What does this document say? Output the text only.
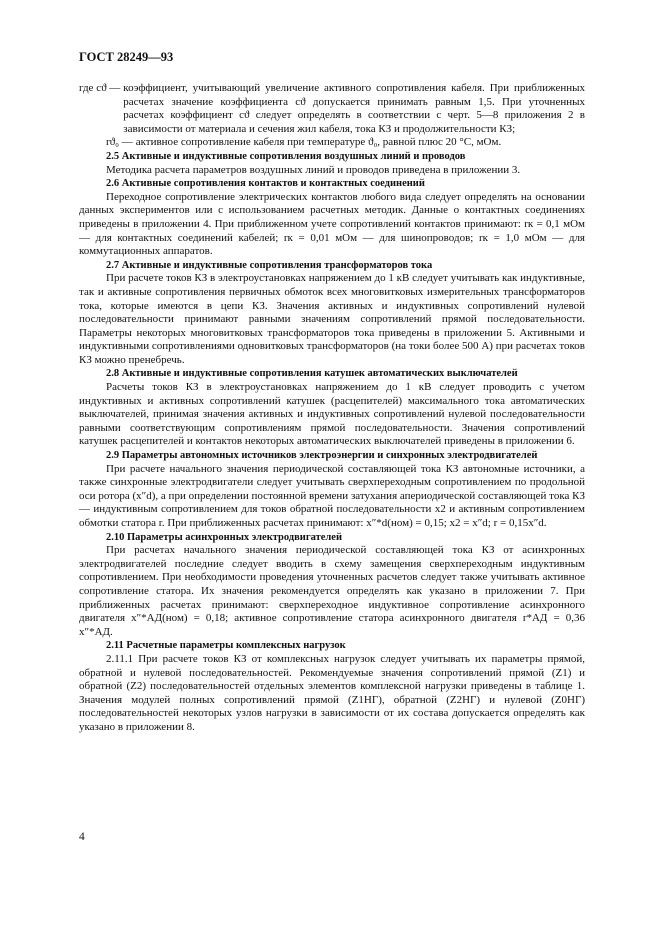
ГОСТ 28249—93
где cϑ — коэффициент, учитывающий увеличение активного сопротивления кабеля. При приближенных расчетах значение коэффициента cϑ допускается принимать равным 1,5. При уточненных расчетах коэффициент cϑ следует определять в соответствии с черт. 5—8 приложения 2 в зависимости от материала и сечения жил кабеля, тока КЗ и продолжительности КЗ;
rϑ₀ — активное сопротивление кабеля при температуре ϑ₀, равной плюс 20 °С, мОм.

2.5 Активные и индуктивные сопротивления воздушных линий и проводов

Методика расчета параметров воздушных линий и проводов приведена в приложении 3.

2.6 Активные сопротивления контактов и контактных соединений

Переходное сопротивление электрических контактов любого вида следует определять на основании данных экспериментов или с использованием расчетных методик. Данные о контактных соединениях приведены в приложении 4. При приближенном учете сопротивлений контактов принимают: rк = 0,1 мОм — для контактных соединений кабелей; rк = 0,01 мОм — для шинопроводов; rк = 1,0 мОм — для коммутационных аппаратов.

2.7 Активные и индуктивные сопротивления трансформаторов тока

При расчете токов КЗ в электроустановках напряжением до 1 кВ следует учитывать как индуктивные, так и активные сопротивления первичных обмоток всех многовитковых измерительных трансформаторов тока, которые имеются в цепи КЗ. Значения активных и индуктивных сопротивлений нулевой последовательности принимают равными значениям сопротивлений прямой последовательности. Параметры некоторых многовитковых трансформаторов тока приведены в приложении 5. Активными и индуктивными сопротивлениями одновитковых трансформаторов (на токи более 500 А) при расчетах токов КЗ можно пренебречь.

2.8 Активные и индуктивные сопротивления катушек автоматических выключателей

Расчеты токов КЗ в электроустановках напряжением до 1 кВ следует проводить с учетом индуктивных и активных сопротивлений катушек (расцепителей) максимального тока автоматических выключателей, принимая значения активных и индуктивных сопротивлений нулевой последовательности равными соответствующим сопротивлениям прямой последовательности. Значения сопротивлений катушек расцепителей и контактов некоторых автоматических выключателей приведены в приложении 6.

2.9 Параметры автономных источников электроэнергии и синхронных электродвигателей

При расчете начального значения периодической составляющей тока КЗ автономные источники, а также синхронные электродвигатели следует учитывать сверхпереходным сопротивлением по продольной оси ротора (x″d), а при определении постоянной времени затухания апериодической составляющей тока КЗ — индуктивным сопротивлением для токов обратной последовательности x2 и активным сопротивлением обмотки статора r. При приближенных расчетах принимают: x″*d(ном) = 0,15; x2 = x″d; r = 0,15x″d.

2.10 Параметры асинхронных электродвигателей

При расчетах начального значения периодической составляющей тока КЗ от асинхронных электродвигателей последние следует вводить в схему замещения сверхпереходным индуктивным сопротивлением. При необходимости проведения уточненных расчетов следует также учитывать активное сопротивление статора. Их значения рекомендуется определять как указано в приложении 7. При приближенных расчетах принимают: сверхпереходное индуктивное сопротивление асинхронного двигателя x″*АД(ном) = 0,18; активное сопротивление статора асинхронного двигателя r*АД = 0,36 x″*АД.

2.11 Расчетные параметры комплексных нагрузок

2.11.1 При расчете токов КЗ от комплексных нагрузок следует учитывать их параметры прямой, обратной и нулевой последовательностей. Рекомендуемые значения сопротивлений прямой (Z1) и обратной (Z2) последовательностей отдельных элементов комплексной нагрузки приведены в таблице 1. Значения модулей полных сопротивлений прямой (Z1НГ), обратной (Z2НГ) и нулевой (Z0НГ) последовательностей некоторых узлов нагрузки в зависимости от их состава допускается определять как указано в приложении 8.

4
